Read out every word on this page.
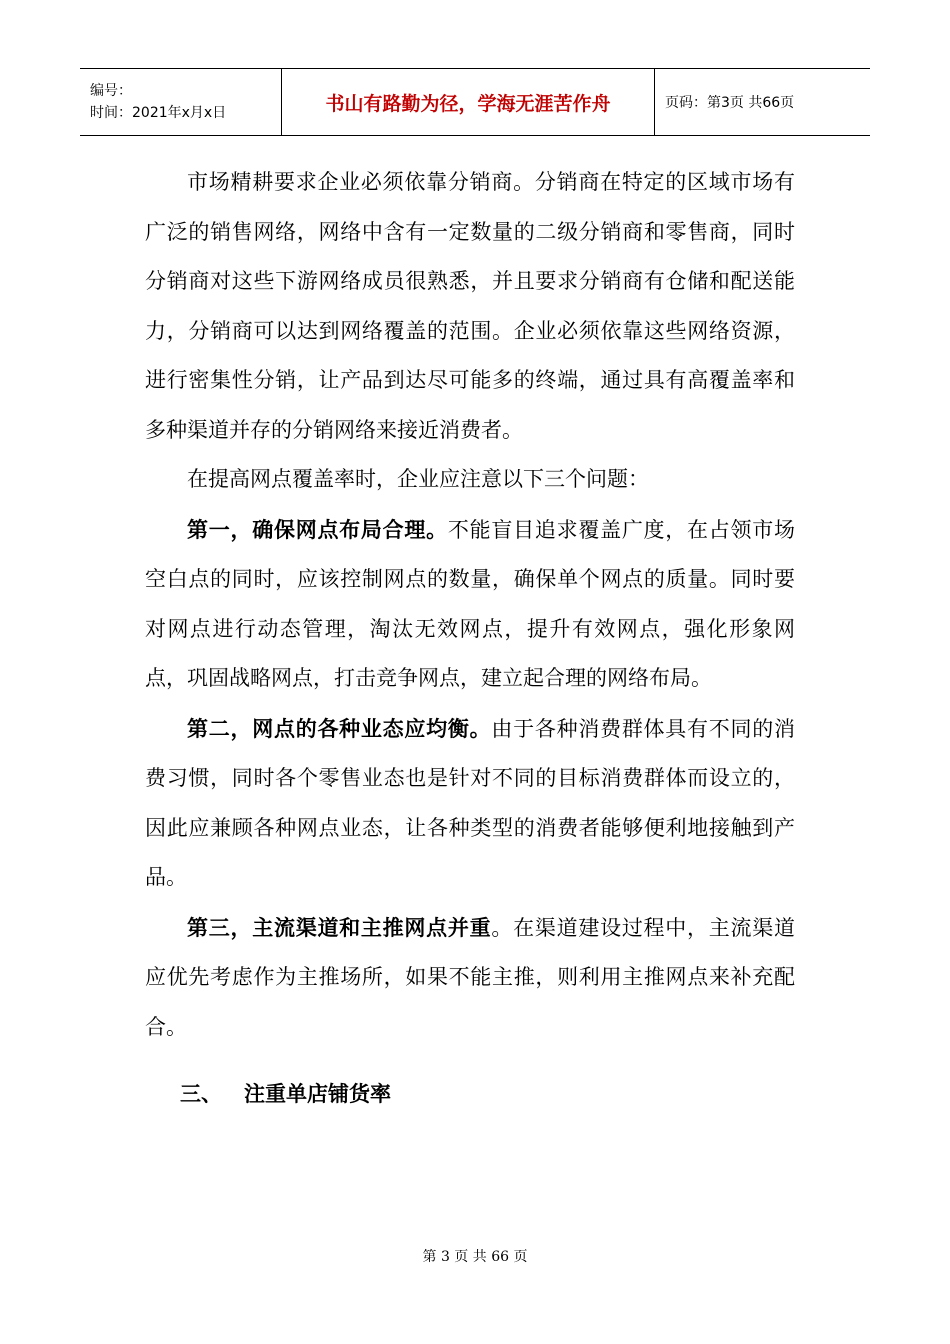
编号：
时间：2021年x月x日	书山有路勤为径，学海无涯苦作舟	页码：第3页 共66页

市场精耕要求企业必须依靠分销商。分销商在特定的区域市场有广泛的销售网络，网络中含有一定数量的二级分销商和零售商，同时分销商对这些下游网络成员很熟悉，并且要求分销商有仓储和配送能力，分销商可以达到网络覆盖的范围。企业必须依靠这些网络资源，进行密集性分销，让产品到达尽可能多的终端，通过具有高覆盖率和多种渠道并存的分销网络来接近消费者。

在提高网点覆盖率时，企业应注意以下三个问题：

第一，确保网点布局合理。不能盲目追求覆盖广度，在占领市场空白点的同时，应该控制网点的数量，确保单个网点的质量。同时要对网点进行动态管理，淘汰无效网点，提升有效网点，强化形象网点，巩固战略网点，打击竞争网点，建立起合理的网络布局。

第二，网点的各种业态应均衡。由于各种消费群体具有不同的消费习惯，同时各个零售业态也是针对不同的目标消费群体而设立的，因此应兼顾各种网点业态，让各种类型的消费者能够便利地接触到产品。

第三，主流渠道和主推网点并重。在渠道建设过程中，主流渠道应优先考虑作为主推场所，如果不能主推，则利用主推网点来补充配合。

三、 注重单店铺货率
第 3 页 共 66 页
